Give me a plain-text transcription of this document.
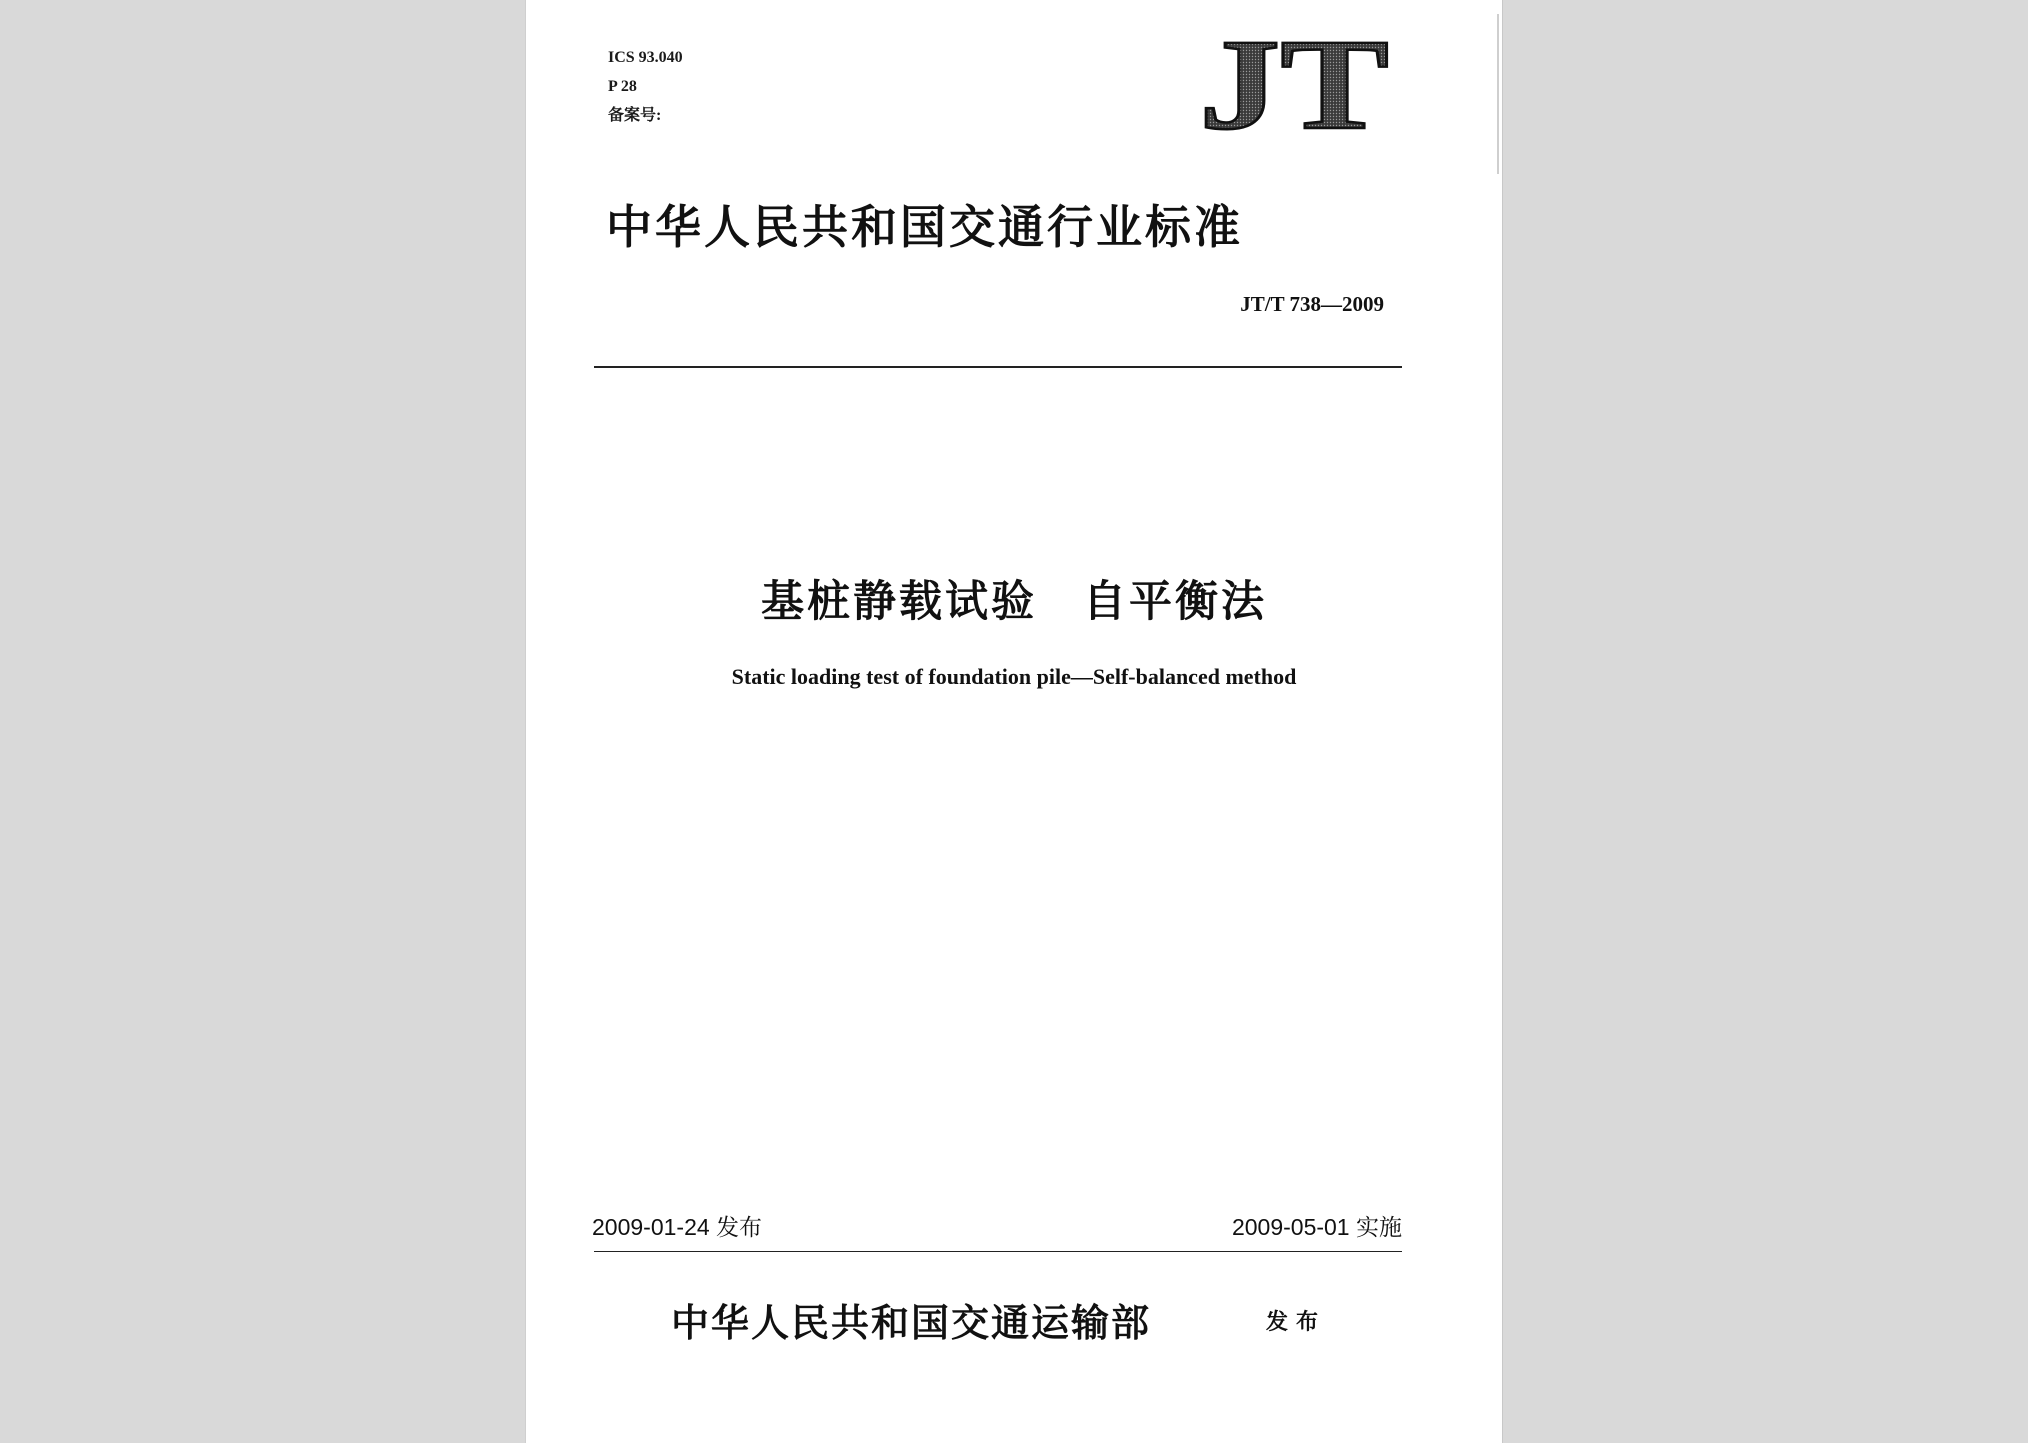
ICS 93.040
P 28
备案号:	JT
中华人民共和国交通行业标准
JT/T 738—2009
基桩静载试验　自平衡法
Static loading test of foundation pile—Self-balanced method
2009-01-24 发布	2009-05-01 实施
中华人民共和国交通运输部	发布
